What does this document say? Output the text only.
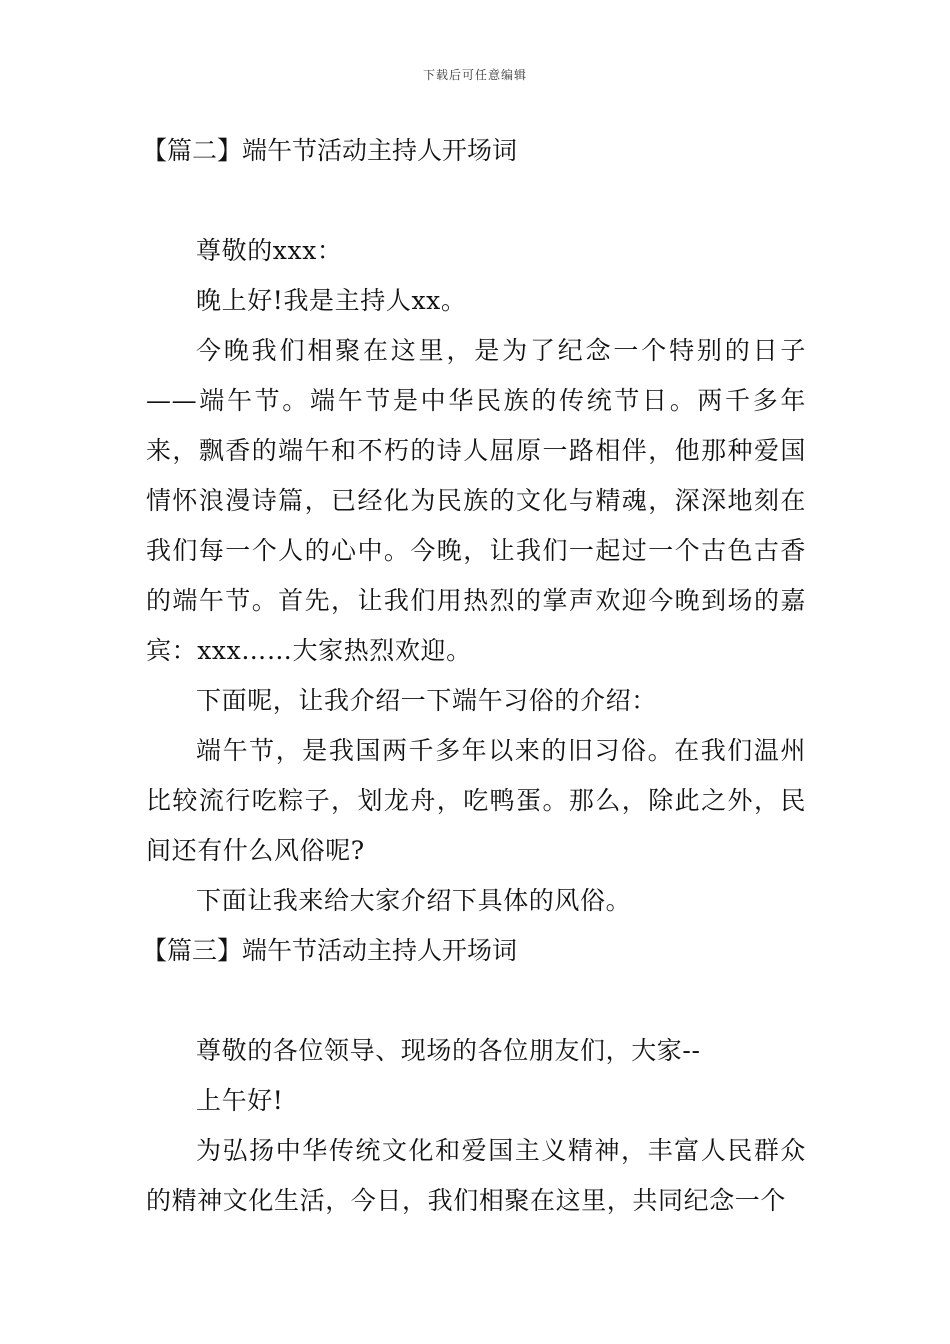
下载后可任意编辑
【篇二】端午节活动主持人开场词

尊敬的xxx：

晚上好!我是主持人xx。

今晚我们相聚在这里，是为了纪念一个特别的日子——端午节。端午节是中华民族的传统节日。两千多年来，飘香的端午和不朽的诗人屈原一路相伴，他那种爱国情怀浪漫诗篇，已经化为民族的文化与精魂，深深地刻在我们每一个人的心中。今晚，让我们一起过一个古色古香的端午节。首先，让我们用热烈的掌声欢迎今晚到场的嘉宾：xxx……大家热烈欢迎。

下面呢，让我介绍一下端午习俗的介绍：

端午节，是我国两千多年以来的旧习俗。在我们温州比较流行吃粽子，划龙舟，吃鸭蛋。那么，除此之外，民间还有什么风俗呢?

下面让我来给大家介绍下具体的风俗。

【篇三】端午节活动主持人开场词

尊敬的各位领导、现场的各位朋友们，大家--

上午好!

为弘扬中华传统文化和爱国主义精神，丰富人民群众的精神文化生活，今日，我们相聚在这里，共同纪念一个
